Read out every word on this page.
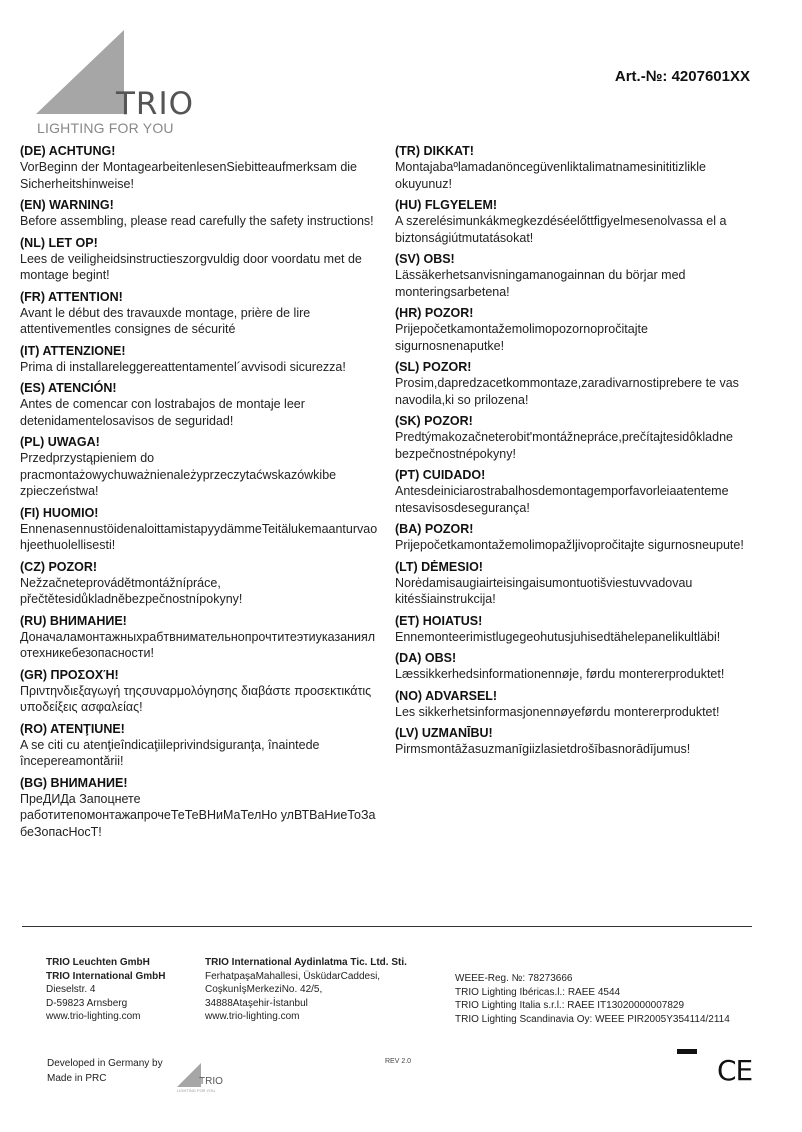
TRIO
LIGHTING FOR YOU
Art.-№: 4207601XX
(DE) ACHTUNG!

VorBeginn der MontagearbeitenlesenSiebitteaufmerksam die Sicherheitshinweise!

(EN) WARNING!

Before assembling, please read carefully the safety instructions!

(NL) LET OP!

Lees de veiligheidsinstructieszorgvuldig door voordatu met de montage begint!

(FR) ATTENTION!

Avant le début des travauxde montage, prière de lire attentivementles consignes de sécurité

(IT) ATTENZIONE!

Prima di installareleggereattentamentel´avvisodi sicurezza!

(ES) ATENCIÓN!

Antes de comencar con lostrabajos de montaje leer detenidamentelosavisos de seguridad!

(PL) UWAGA!

Przedprzystąpieniem do pracmontażowychuważnienależyprzeczytaćwskazówkibe zpieczeństwa!

(FI) HUOMIO!

EnnenasennustöidenaloittamistapyydämmeTeitälukemaanturvaohjeethuolellisesti!

(CZ) POZOR!

Nežzačneteprovádětmontážnípráce, přečtětesidůkladněbezpečnostnípokyny!

(RU) ВНИМАНИЕ!

Доначаламонтажныхрабтвнимательнопрочтитеэтиуказаниялотехникебезопасности!

(GR) ΠΡΟΣΟΧΉ!

Πριντηνδιεξαγωγή τηςσυναρμολόγησης διαβάστε προσεκτικάτις υποδείξεις ασφαλείας!

(RO) ATENŢIUNE!

A se citi cu atenţieîndicaţiileprivindsiguranţa, înaintede începereamontării!

(BG) ВНИМАНИЕ!

ПреДИДа Запоцнете работитепомонтажапрочеТеТеВНиМаТелНо улВТВаНиеТоЗа беЗопасНосТ!

(TR) DIKKAT!

Montajabaºlamadanöncegüvenliktalimatnamesinititizlikle okuyunuz!

(HU) FLGYELEM!

A szerelésimunkákmegkezdéséelőttfigyelmesenolvassa el a biztonságiútmutatásokat!

(SV) OBS!

Lässäkerhetsanvisningamanogainnan du börjar med monteringsarbetena!

(HR) POZOR!

Prijepočetkamontažemolimopozornopročitajte sigurnosnenaputke!

(SL) POZOR!

Prosim,dapredzacetkommontaze,zaradivarnostiprebere te vas navodila,ki so prilozena!

(SK) POZOR!

Predtýmakozačneterobit'montážnepráce,prečítajtesidôkladne bezpečnostnépokyny!

(PT) CUIDADO!

Antesdeiniciarostrabalhosdemontagemporfavorleiaatenteme ntesavisosdesegurança!

(BA) POZOR!

Prijepočetkamontažemolimopažljivopročitajte sigurnosneupute!

(LT) DĖMESIO!

Norėdamisaugiairteisingaisumontuotišviestuvvadovau kitésšiainstrukcija!

(ET) HOIATUS!

Ennemonteerimistlugegeohutusjuhisedtähelepanelikultläbi!

(DA) OBS!

Læssikkerhedsinformationennøje, førdu montererproduktet!

(NO) ADVARSEL!

Les sikkerhetsinformasjonennøyeførdu montererproduktet!

(LV) UZMANĪBU!

Pirmsmontāžasuzmanīgiizlasietdrošībasnorādījumus!

TRIO Leuchten GmbH
TRIO International GmbH
Dieselstr. 4
D-59823 Arnsberg
www.trio-lighting.com
TRIO International Aydinlatma Tic. Ltd. Sti.
FerhatpaşaMahallesi, ÜsküdarCaddesi,
CoşkunİşMerkeziNo. 42/5,
34888Ataşehir-İstanbul
www.trio-lighting.com
WEEE-Reg. №: 78273666
TRIO Lighting Ibéricas.l.: RAEE 4544
TRIO Lighting Italia s.r.l.: RAEE IT13020000007829
TRIO Lighting Scandinavia Oy: WEEE PIR2005Y354114/2114
Developed in Germany by
Made in PRC	TRIO
LIGHTING FOR YOU
REV 2.0	CE
